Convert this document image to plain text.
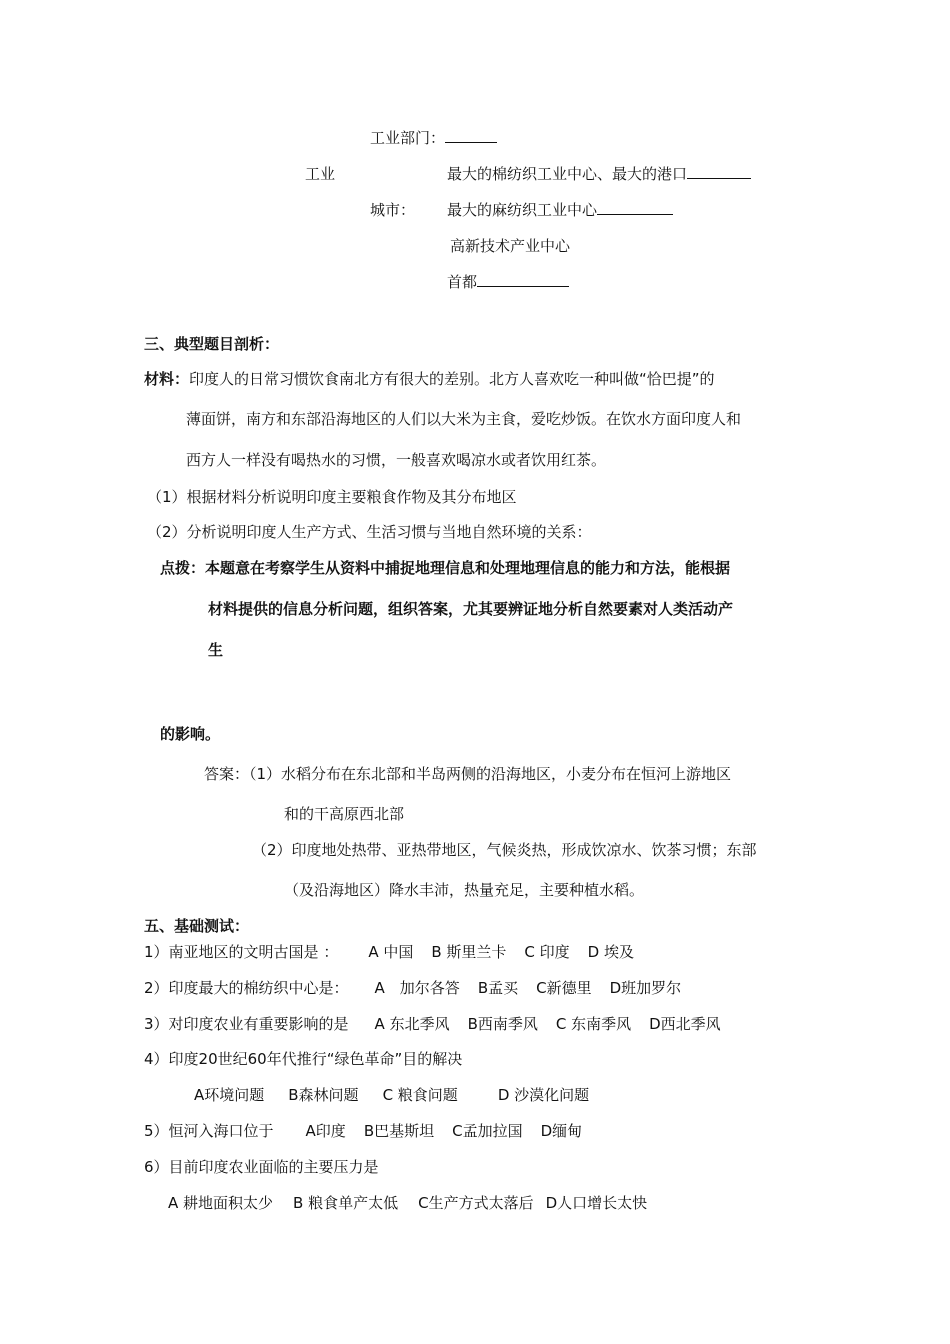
工业部门：
工业	最大的棉纺织工业中心、最大的港口
城市： 最大的麻纺织工业中心
高新技术产业中心
首都
三、典型题目剖析：
材料：印度人的日常习惯饮食南北方有很大的差别。北方人喜欢吃一种叫做“恰巴提”的
薄面饼，南方和东部沿海地区的人们以大米为主食，爱吃炒饭。在饮水方面印度人和
西方人一样没有喝热水的习惯，一般喜欢喝凉水或者饮用红茶。
（1）根据材料分析说明印度主要粮食作物及其分布地区
（2）分析说明印度人生产方式、生活习惯与当地自然环境的关系：
点拨：本题意在考察学生从资料中捕捉地理信息和处理地理信息的能力和方法，能根据
材料提供的信息分析问题，组织答案，尤其要辨证地分析自然要素对人类活动产
生
的影响。
答案：（1）水稻分布在东北部和半岛两侧的沿海地区，小麦分布在恒河上游地区
和的干高原西北部
（2）印度地处热带、亚热带地区，气候炎热，形成饮凉水、饮茶习惯；东部
（及沿海地区）降水丰沛，热量充足，主要种植水稻。
五、基础测试：
1）南亚地区的文明古国是 ： A 中国 B 斯里兰卡 C 印度 D 埃及
2）印度最大的棉纺织中心是： A　加尔各答 B孟买 C新德里 D班加罗尔
3）对印度农业有重要影响的是 A 东北季风 B西南季风 C 东南季风 D西北季风
4）印度20世纪60年代推行“绿色革命”目的解决
A环境问题 B森林问题 C 粮食问题	D 沙漠化问题
5）恒河入海口位于 A印度 B巴基斯坦 C孟加拉国 D缅甸
6）目前印度农业面临的主要压力是
A 耕地面积太少 B 粮食单产太低 C生产方式太落后 D人口增长太快
